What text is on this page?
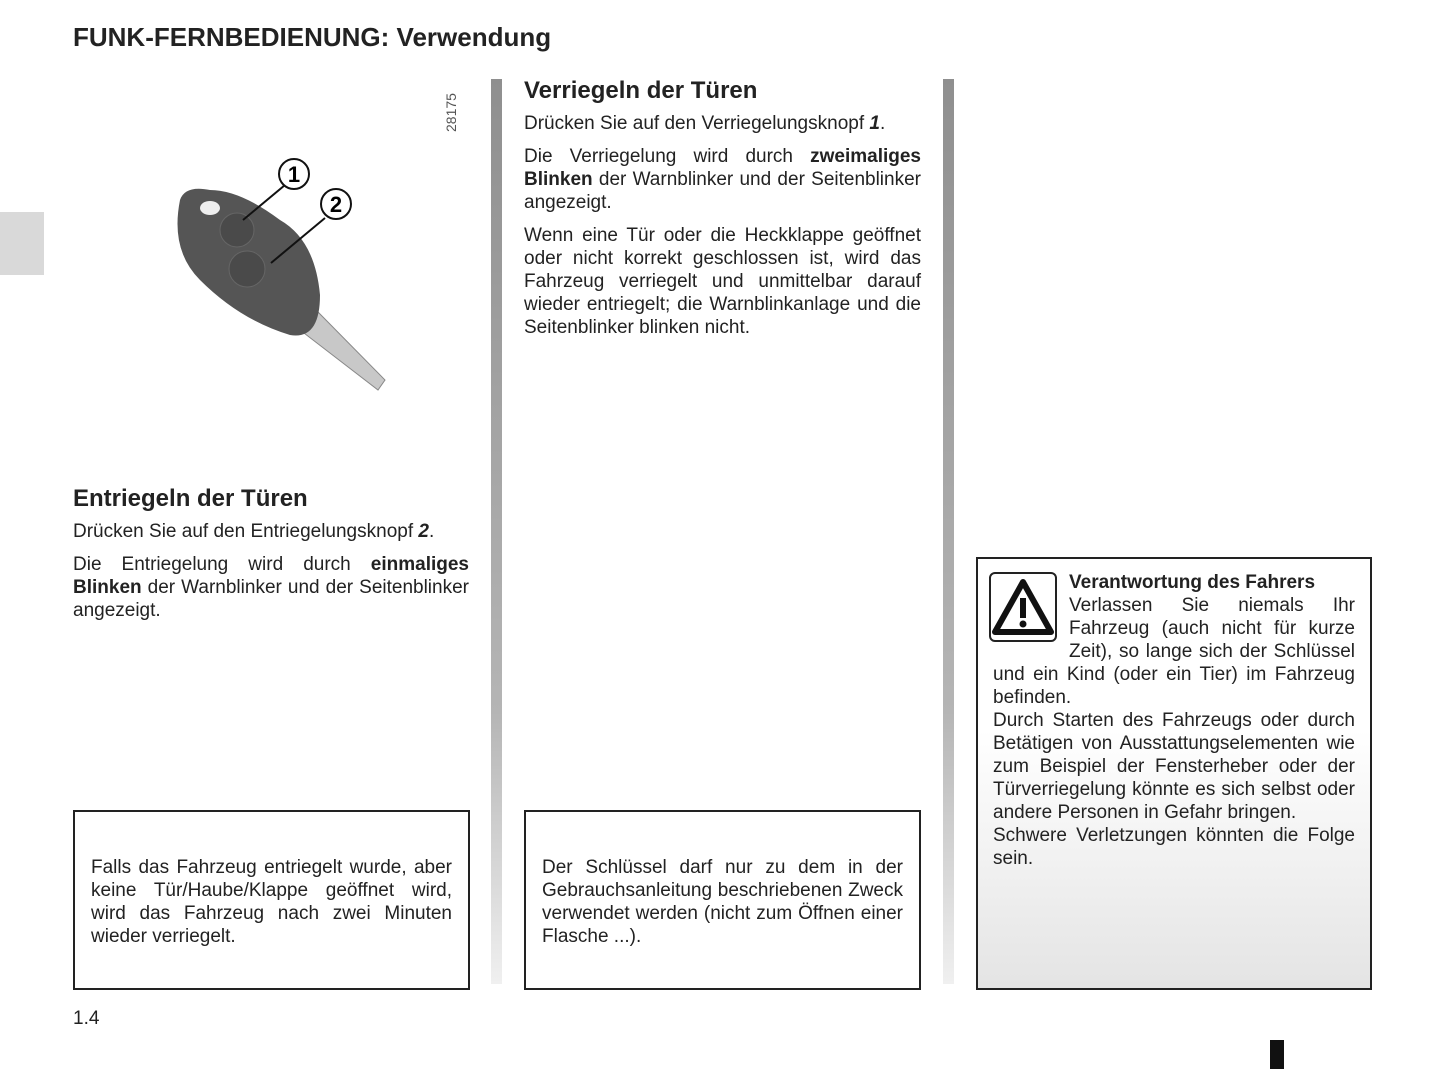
FUNK-FERNBEDIENUNG: Verwendung
28175
1
2
Entriegeln der Türen

Drücken Sie auf den Entriegelungsknopf 2.

Die Entriegelung wird durch einmaliges Blinken der Warnblinker und der Seitenblinker angezeigt.

Falls das Fahrzeug entriegelt wurde, aber keine Tür/Haube/Klappe geöffnet wird, wird das Fahrzeug nach zwei Minuten wieder verriegelt.

Verriegeln der Türen

Drücken Sie auf den Verriegelungsknopf 1.

Die Verriegelung wird durch zweimaliges Blinken der Warnblinker und der Seitenblinker angezeigt.

Wenn eine Tür oder die Heckklappe geöffnet oder nicht korrekt geschlossen ist, wird das Fahrzeug verriegelt und unmittelbar darauf wieder entriegelt; die Warnblinkanlage und die Seitenblinker blinken nicht.

Der Schlüssel darf nur zu dem in der Gebrauchsanleitung beschriebenen Zweck verwendet werden (nicht zum Öffnen einer Flasche ...).

Verantwortung des Fahrers

Verlassen Sie niemals Ihr Fahrzeug (auch nicht für kurze Zeit), so lange sich der Schlüssel und ein Kind (oder ein Tier) im Fahrzeug befinden.

Durch Starten des Fahrzeugs oder durch Betätigen von Ausstattungselementen wie zum Beispiel der Fensterheber oder der Türverriegelung könnte es sich selbst oder andere Personen in Gefahr bringen.

Schwere Verletzungen könnten die Folge sein.

1.4
